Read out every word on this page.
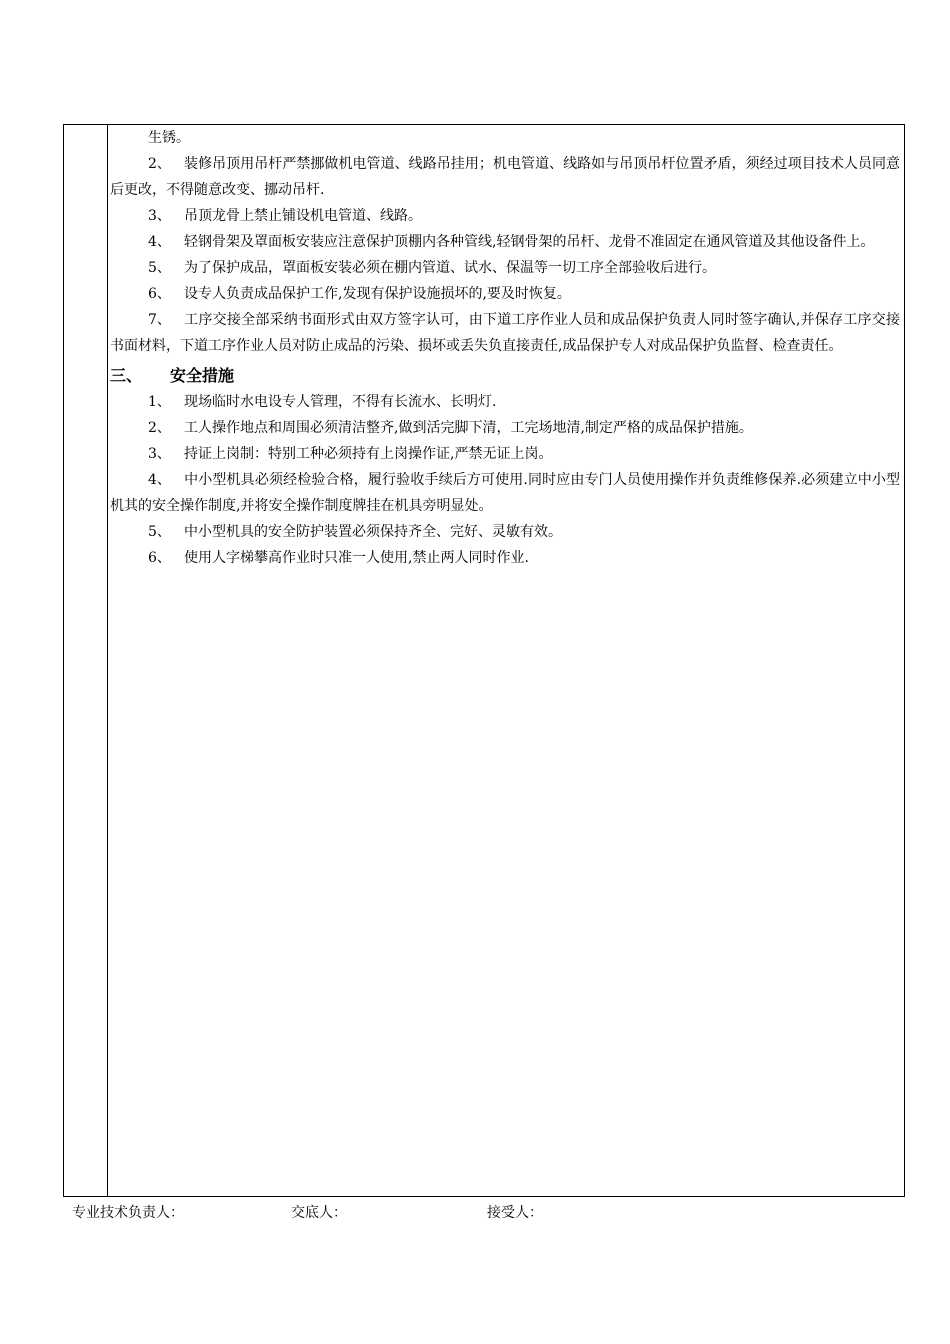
生锈。

2、 装修吊顶用吊杆严禁挪做机电管道、线路吊挂用；机电管道、线路如与吊顶吊杆位置矛盾，须经过项目技术人员同意后更改，不得随意改变、挪动吊杆.

3、 吊顶龙骨上禁止铺设机电管道、线路。

4、 轻钢骨架及罩面板安装应注意保护顶棚内各种管线,轻钢骨架的吊杆、龙骨不准固定在通风管道及其他设备件上。

5、 为了保护成品，罩面板安装必须在棚内管道、试水、保温等一切工序全部验收后进行。

6、 设专人负责成品保护工作,发现有保护设施损坏的,要及时恢复。

7、 工序交接全部采纳书面形式由双方签字认可，由下道工序作业人员和成品保护负责人同时签字确认,并保存工序交接书面材料，下道工序作业人员对防止成品的污染、损坏或丢失负直接责任,成品保护专人对成品保护负监督、检查责任。

三、 安全措施

1、 现场临时水电设专人管理，不得有长流水、长明灯.

2、 工人操作地点和周围必须清洁整齐,做到活完脚下清，工完场地清,制定严格的成品保护措施。

3、 持证上岗制：特别工种必须持有上岗操作证,严禁无证上岗。

4、 中小型机具必须经检验合格，履行验收手续后方可使用.同时应由专门人员使用操作并负责维修保养.必须建立中小型机其的安全操作制度,并将安全操作制度牌挂在机具旁明显处。

5、 中小型机具的安全防护装置必须保持齐全、完好、灵敏有效。

6、 使用人字梯攀高作业时只准一人使用,禁止两人同时作业.

专业技术负责人：	交底人：	接受人：
